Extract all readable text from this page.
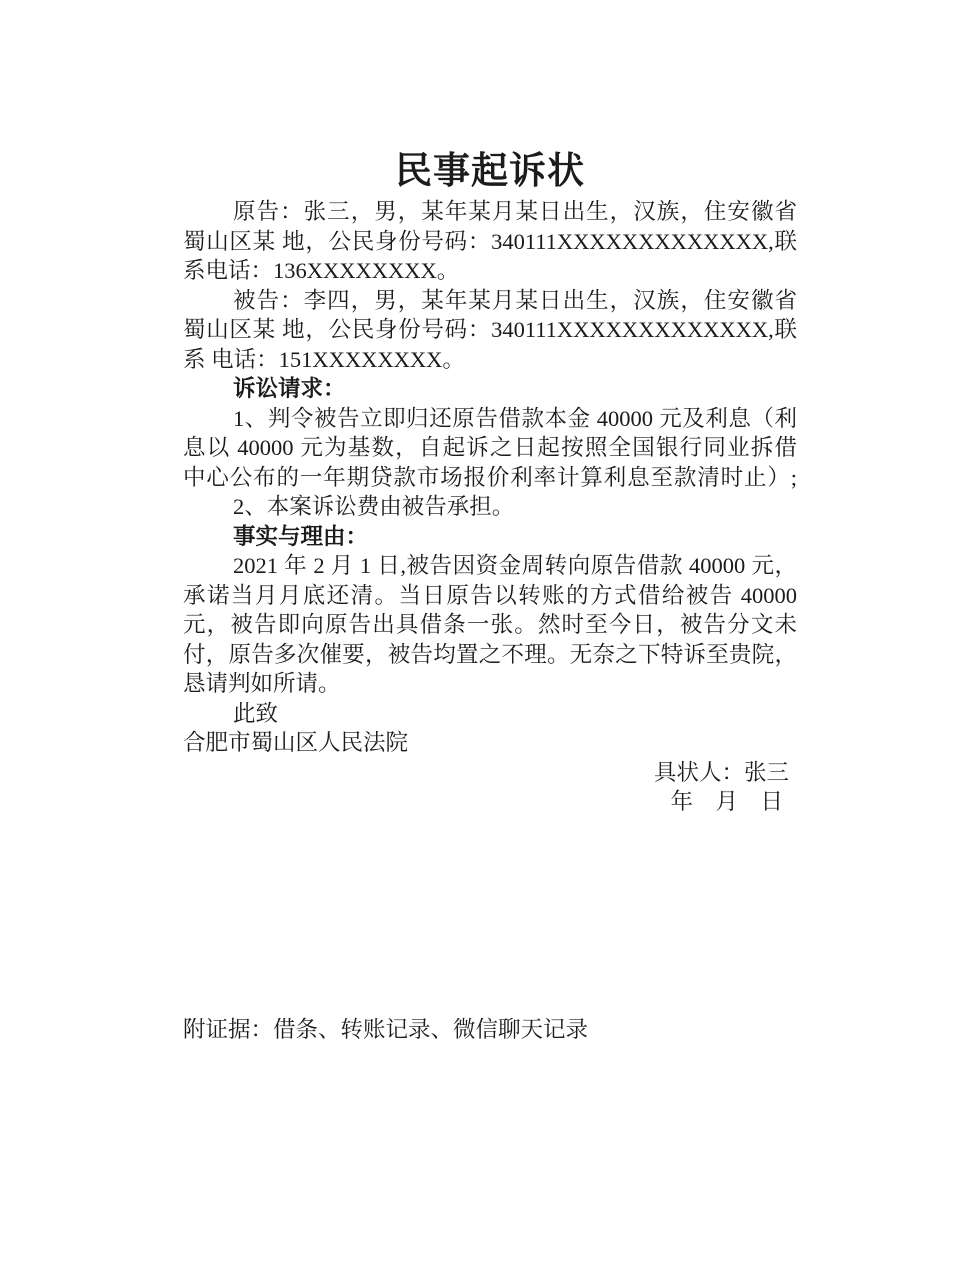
民事起诉状
原告：张三，男，某年某月某日出生，汉族，住安徽省
蜀山区某 地，公民身份号码：340111XXXXXXXXXXXXX,联
系电话：136XXXXXXXX。
被告：李四，男，某年某月某日出生，汉族，住安徽省
蜀山区某 地，公民身份号码：340111XXXXXXXXXXXXX,联
系 电话：151XXXXXXXX。
诉讼请求：
1、判令被告立即归还原告借款本金 40000 元及利息（利
息以 40000 元为基数，自起诉之日起按照全国银行同业拆借
中心公布的一年期贷款市场报价利率计算利息至款清时止）;
2、本案诉讼费由被告承担。
事实与理由：
2021 年 2 月 1 日,被告因资金周转向原告借款 40000 元，
承诺当月月底还清。当日原告以转账的方式借给被告 40000
元，被告即向原告出具借条一张。然时至今日，被告分文未
付，原告多次催要，被告均置之不理。无奈之下特诉至贵院，
恳请判如所请。
此致
合肥市蜀山区人民法院
具状人：张三
年　月　日
附证据：借条、转账记录、微信聊天记录
